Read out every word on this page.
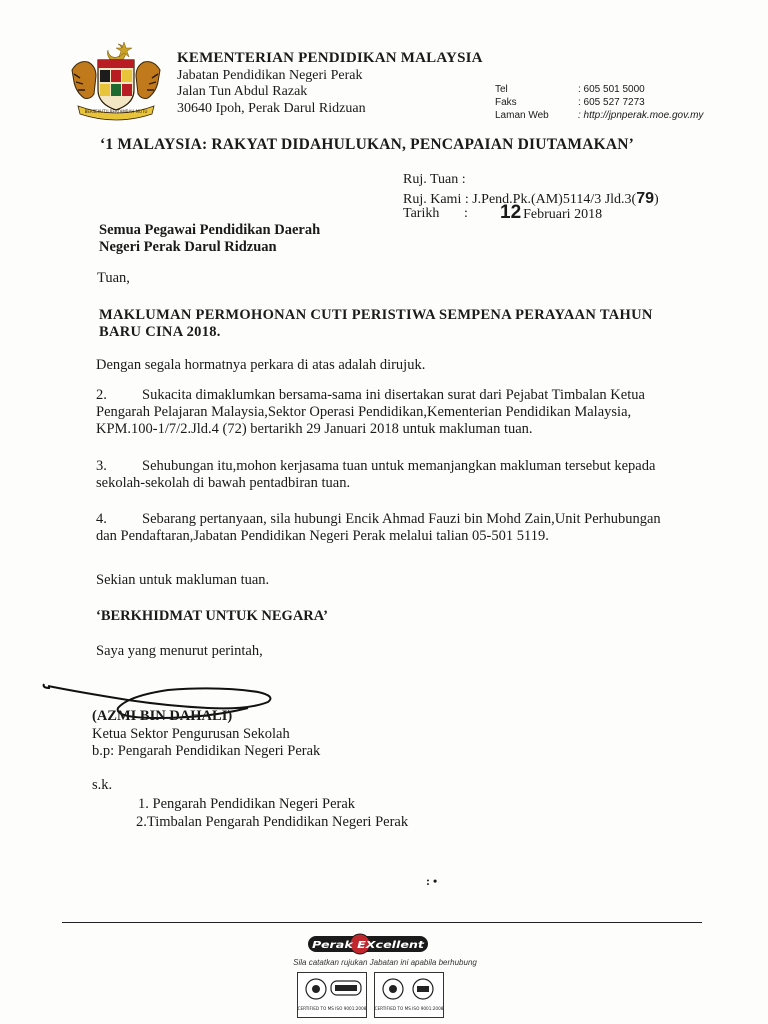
BERSEKUTU BERTAMBAH MUTU
KEMENTERIAN PENDIDIKAN MALAYSIA
Jabatan Pendidikan Negeri Perak
Jalan Tun Abdul Razak
30640 Ipoh, Perak Darul Ridzuan
Tel	: 605 501 5000
Faks	: 605 527 7273
Laman Web	: http://jpnperak.moe.gov.my
‘1 MALAYSIA: RAKYAT DIDAHULUKAN, PENCAPAIAN DIUTAMAKAN’
Ruj. Tuan :
Ruj. Kami : J.Pend.Pk.(AM)5114/3 Jld.3(79)
Tarikh : 12 Februari 2018
Semua Pegawai Pendidikan Daerah
Negeri Perak Darul Ridzuan
Tuan,
MAKLUMAN PERMOHONAN CUTI PERISTIWA SEMPENA PERAYAAN TAHUN
BARU CINA 2018.
Dengan segala hormatnya perkara di atas adalah dirujuk.
2. Sukacita dimaklumkan bersama-sama ini disertakan surat dari Pejabat Timbalan Ketua
Pengarah Pelajaran Malaysia,Sektor Operasi Pendidikan,Kementerian Pendidikan Malaysia,
KPM.100-1/7/2.Jld.4 (72) bertarikh 29 Januari 2018 untuk makluman tuan.
3. Sehubungan itu,mohon kerjasama tuan untuk memanjangkan makluman tersebut kepada
sekolah-sekolah di bawah pentadbiran tuan.
4. Sebarang pertanyaan, sila hubungi Encik Ahmad Fauzi bin Mohd Zain,Unit Perhubungan
dan Pendaftaran,Jabatan Pendidikan Negeri Perak melalui talian 05-501 5119.
Sekian untuk makluman tuan.
‘BERKHIDMAT UNTUK NEGARA’
Saya yang menurut perintah,
(AZMI BIN DAHALI)
Ketua Sektor Pengurusan Sekolah
b.p: Pengarah Pendidikan Negeri Perak
s.k.
1. Pengarah Pendidikan Negeri Perak
2.Timbalan Pengarah Pendidikan Negeri Perak
: •
Perak EXcellent
Sila catatkan rujukan Jabatan ini apabila berhubung
CERTIFIED TO MS ISO 9001:2008 CERTIFIED TO MS ISO 9001:2008
